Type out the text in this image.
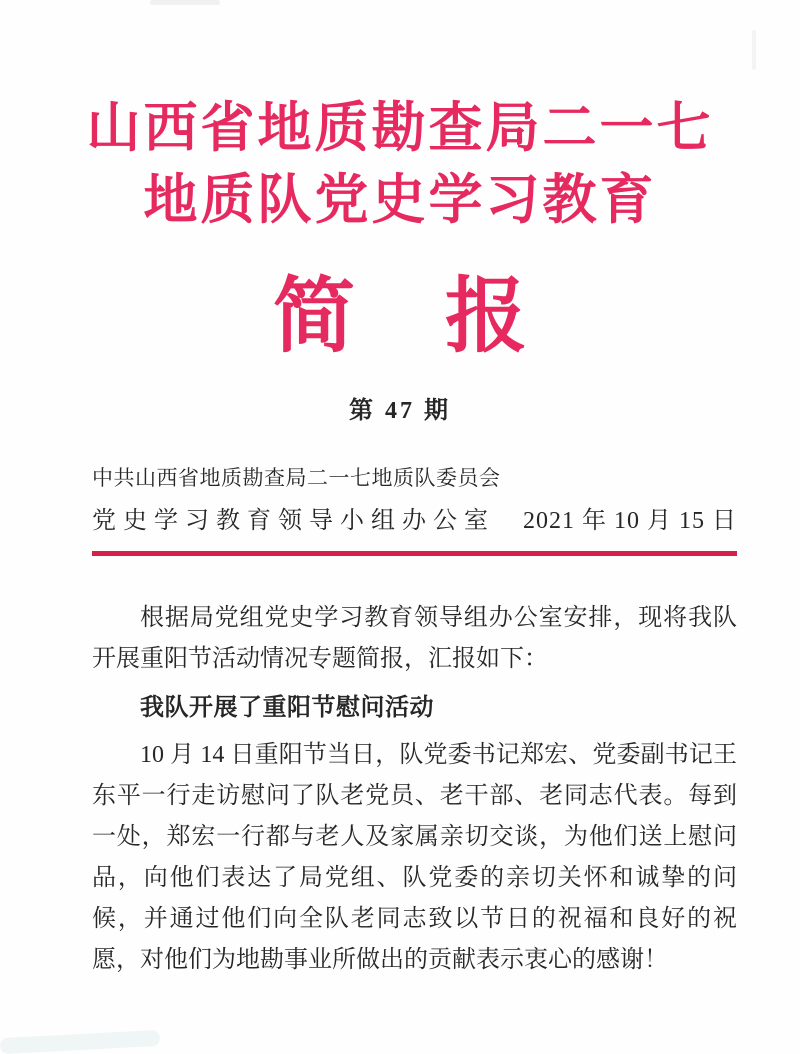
山西省地质勘查局二一七
地质队党史学习教育
简 报
第 47 期
中共山西省地质勘查局二一七地质队委员会
党史学习教育领导小组办公室 2021 年 10 月 15 日

根据局党组党史学习教育领导组办公室安排，现将我队开展重阳节活动情况专题简报，汇报如下：

我队开展了重阳节慰问活动

10 月 14 日重阳节当日，队党委书记郑宏、党委副书记王东平一行走访慰问了队老党员、老干部、老同志代表。每到一处，郑宏一行都与老人及家属亲切交谈，为他们送上慰问品，向他们表达了局党组、队党委的亲切关怀和诚挚的问候，并通过他们向全队老同志致以节日的祝福和良好的祝愿，对他们为地勘事业所做出的贡献表示衷心的感谢！
